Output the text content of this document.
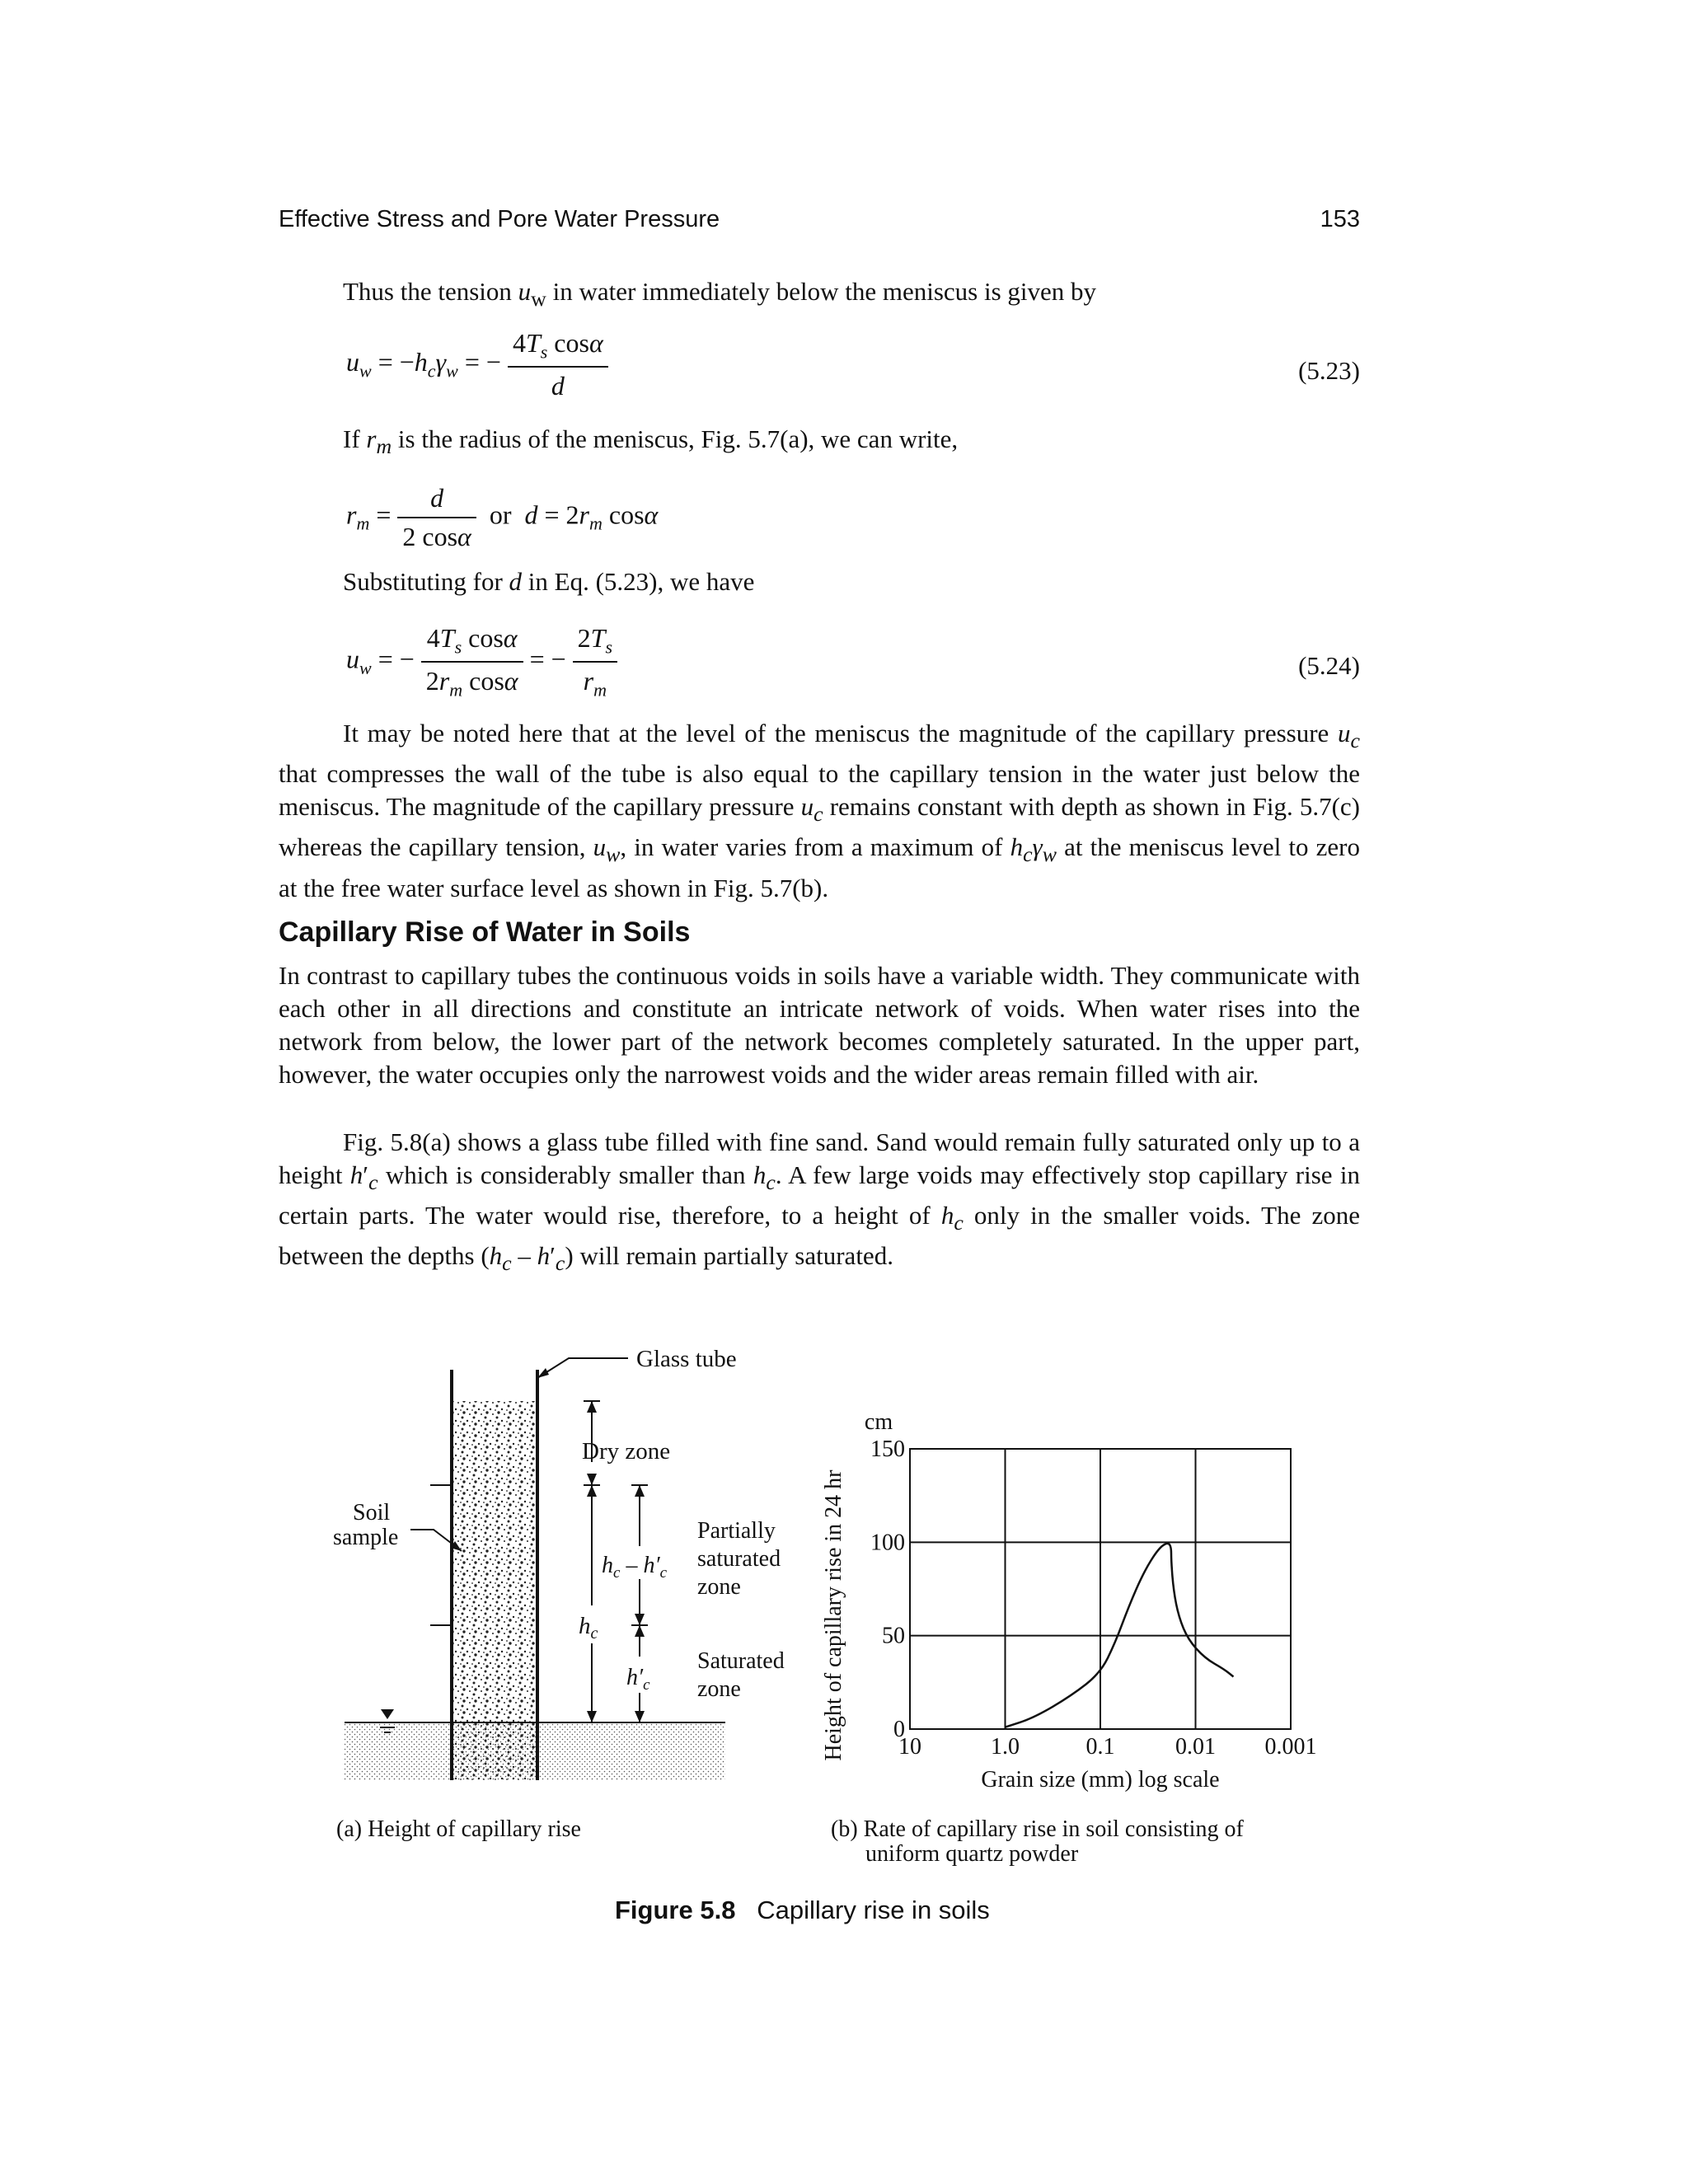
Effective Stress and Pore Water Pressure	153
Thus the tension $u_w$ in water immediately below the meniscus is given by
$u_w = -h_c\gamma_w$ = − $\frac{4T_s \cos\alpha}{d}$	(5.23)
If $r_m$ is the radius of the meniscus, Fig. 5.7(a), we can write,
$r_m = \frac{d}{2 \cos\alpha}$ or $d = 2r_m$ cosα
Substituting for d in Eq. (5.23), we have
$u_w$ = − $\frac{4T_s \cos\alpha}{2r_m \cos\alpha}$ = − $\frac{2T_s}{r_m}$	(5.24)
It may be noted here that at the level of the meniscus the magnitude of the capillary pressure $u_c$ that compresses the wall of the tube is also equal to the capillary tension in the water just below the meniscus. The magnitude of the capillary pressure $u_c$ remains constant with depth as shown in Fig. 5.7(c) whereas the capillary tension, $u_w$, in water varies from a maximum of $h_c\gamma_w$ at the meniscus level to zero at the free water surface level as shown in Fig. 5.7(b).
Capillary Rise of Water in Soils
In contrast to capillary tubes the continuous voids in soils have a variable width. They communicate with each other in all directions and constitute an intricate network of voids. When water rises into the network from below, the lower part of the network becomes completely saturated. In the upper part, however, the water occupies only the narrowest voids and the wider areas remain filled with air.
Fig. 5.8(a) shows a glass tube filled with fine sand. Sand would remain fully saturated only up to a height $h'_c$ which is considerably smaller than $h_c$. A few large voids may effectively stop capillary rise in certain parts. The water would rise, therefore, to a height of $h_c$ only in the smaller voids. The zone between the depths $(h_c - h'_c)$ will remain partially saturated.
Glass tube
Soil
sample
Dry zone
$h_c$
$h_c - h'_c$
$h'_c$
Partially
saturated
zone
Saturated
zone
(a) Height of capillary rise
Height of capillary rise in 24 hr
cm
Grain size (mm) log scale
10	1.0	0.1	0.01 0.001
0
50
100
150
(b) Rate of capillary rise in soil consisting of
uniform quartz powder
Figure 5.8 Capillary rise in soils
